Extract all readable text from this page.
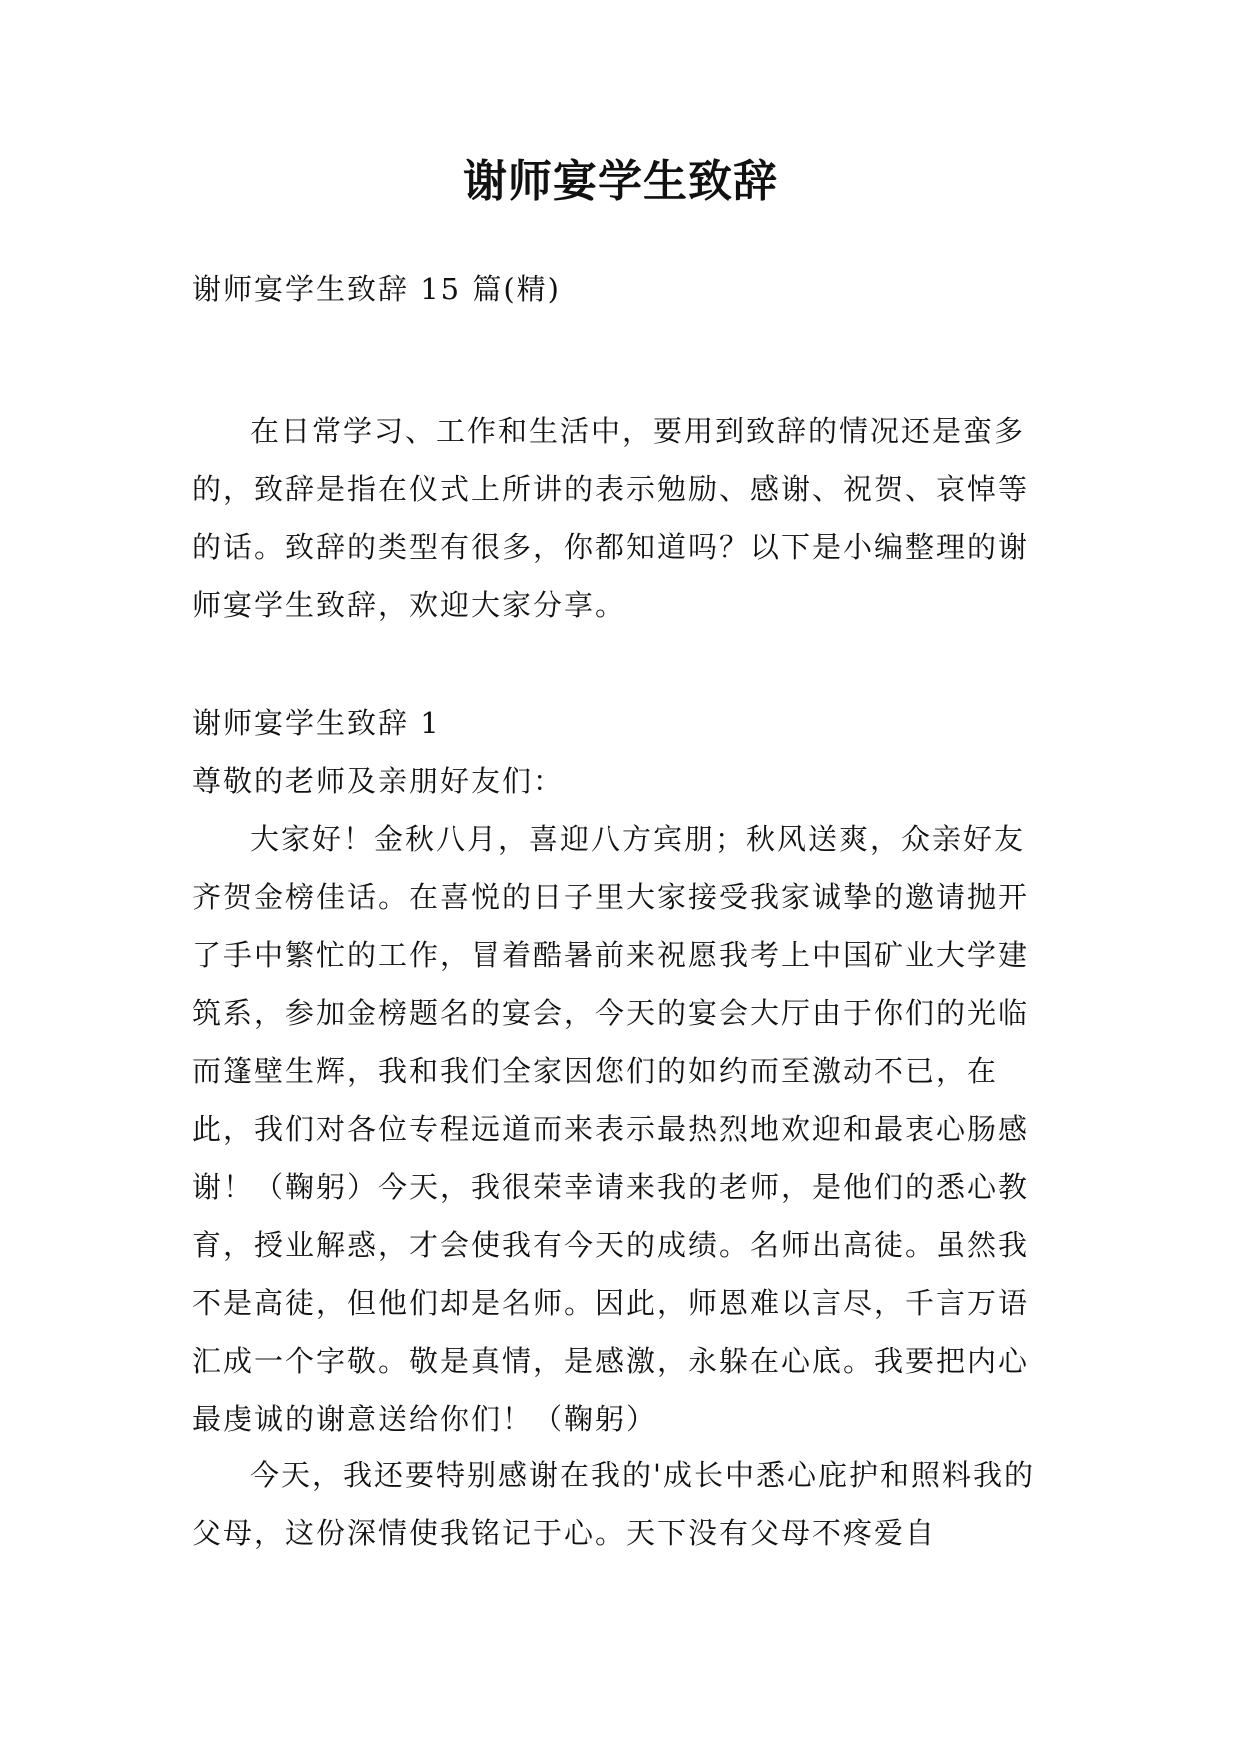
谢师宴学生致辞

谢师宴学生致辞 15 篇(精)

在日常学习、工作和生活中，要用到致辞的情况还是蛮多的，致辞是指在仪式上所讲的表示勉励、感谢、祝贺、哀悼等的话。致辞的类型有很多，你都知道吗？以下是小编整理的谢师宴学生致辞，欢迎大家分享。

谢师宴学生致辞 1

尊敬的老师及亲朋好友们：

大家好！金秋八月，喜迎八方宾朋；秋风送爽，众亲好友齐贺金榜佳话。在喜悦的日子里大家接受我家诚挚的邀请抛开了手中繁忙的工作，冒着酷暑前来祝愿我考上中国矿业大学建筑系，参加金榜题名的宴会，今天的宴会大厅由于你们的光临而篷壁生辉，我和我们全家因您们的如约而至激动不已，在此，我们对各位专程远道而来表示最热烈地欢迎和最衷心肠感谢！（鞠躬）今天，我很荣幸请来我的老师，是他们的悉心教育，授业解惑，才会使我有今天的成绩。名师出高徒。虽然我不是高徒，但他们却是名师。因此，师恩难以言尽，千言万语汇成一个字敬。敬是真情，是感激，永躲在心底。我要把内心最虔诚的谢意送给你们！（鞠躬）

今天，我还要特别感谢在我的'成长中悉心庇护和照料我的父母，这份深情使我铭记于心。天下没有父母不疼爱自
